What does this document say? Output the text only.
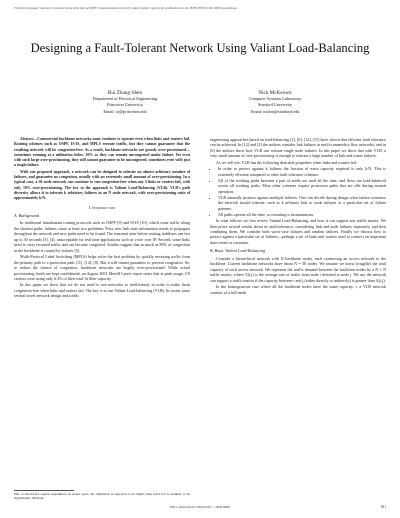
This full text paper was peer reviewed at the direction of IEEE Communications Society subject matter experts for publication in the IEEE INFOCOM 2008 proceedings.
Designing a Fault-Tolerant Network Using Valiant Load-Balancing
Rui Zhang-Shen
Department of Electrical Engineering
Princeton University
Email: rz@princeton.edu
Nick McKeown
Computer Systems Laboratory
Stanford University
Email: nickm@stanford.edu

Abstract—Commercial backbone networks must continue to operate even when links and routers fail. Routing schemes such as OSPF, IS-IS, and MPLS reroute traffic, but they cannot guarantee that the resulting network will be congestion-free. As a result, backbone networks are grossly over-provisioned—sometimes running at a utilization below 10% so they can remain uncongested under failure. Yet even with such large over-provisioning, they still cannot guarantee to be uncongested, sometimes even with just a single failure.

With our proposed approach, a network can be designed to tolerate an almost arbitrary number of failures, and guarantee no congestion, usually with an extremely small amount of over-provisioning. In a typical case, a 50 node network can continue to run congestion-free when any 5 links or routers fail, with only 10% over-provisioning. The key to the approach is Valiant Load-Balancing (VLB). VLB's path diversity allows it to tolerate k arbitrary failures in an N node network, with over-provisioning ratio of approximately k/N.

I. Introduction
A. Background

In traditional intradomain routing protocols such as OSPF [9] and IS-IS [10], which route traffic along the shortest paths, failures cause at least two problems: First, new link state information needs to propagate throughout the network and new paths need to be found. The transient state before routing stabilizes can last up to 30 seconds [3], [4], unacceptable for real time applications such as voice over IP. Second, some links need to carry rerouted traffic and can become congested. Studies suggest that as much as 80% of congestion in the backbone is caused by failures [5].

Multi-Protocol Label Switching (MPLS) helps solve the first problem by quickly rerouting traffic from the primary path to a protection path [11], [14], [8]. But it still cannot guarantee to prevent congestion. So, to reduce the chance of congestion, backbone networks are hugely over-provisioned. While actual provisioning levels are kept confidential, an August 2001 Merrill Lynch report states that at peak usage, US carriers were using only 6.4% of their total lit fiber capacity.

In this paper we show that we do not need to run networks so inefficiently in order to make them congestion-free when links and routers fail. The key is to use Valiant Load-balancing (VLB). In recent years several novel network design and traffic

Due to downward capital expenditure in recent years, the utilization is expected to be higher than 6.4% but is unlikely to be significantly different.

engineering approaches based on load-balancing [2], [6], [12], [15] have shown that efficient fault tolerance can be achieved. In [12] and [2] the authors consider link failures in multi-commodity flow networks; and in [6] the authors show how VLB can tolerate single node failures. In this paper we show that with VLB, a very small amount of over-provisioning is enough to tolerate a large number of link and router failures.

As we will see, VLB has the following desirable properties when links and routers fail:

• In order to protect against k failures the fraction of extra capacity required is only k/N. This is extremely efficient compared to other fault tolerance schemes.
• All of the working paths between a pair of nodes are used all the time, and flows are load-balanced across all working paths. Most other schemes require protection paths that are idle during normal operation.
• VLB naturally protects against multiple failures. One can decide during design what failure scenarios the network should tolerate, such as k arbitrary link or node failures or a particular set of failure patterns.
• All paths operate all the time, so rerouting is instantaneous.

In what follows we first review Valiant Load-Balancing, and how it can support any traffic matrix. We then prove several results about its fault-tolerance, considering link and node failures separately, and then combining them. We consider both worst-case failures and random failures. Finally we discuss how to protect against a particular set of failures—perhaps a set of links and routers used to connect an important data-center or customer.

B. Basic Valiant Load-Balancing

Consider a hierarchical network with N backbone nodes, each connecting an access network to the backbone. Current backbone networks have about N = 50 nodes. We assume we know (roughly) the total capacity of each access network. We represent the traffic demand between the backbone nodes by a N × N traffic matrix, where Λ(i,j) is the average rate of traffic from node i destined to node j. We say the network can support a traffic matrix if the capacity between i and j (either directly or indirectly) is greater than Λ(i,j).

In the homogeneous case where all the backbone nodes have the same capacity, r, a VLB network consists of a full mesh

978-1-4244-2026-1/08/$25.00 © 2008 IEEE	301
